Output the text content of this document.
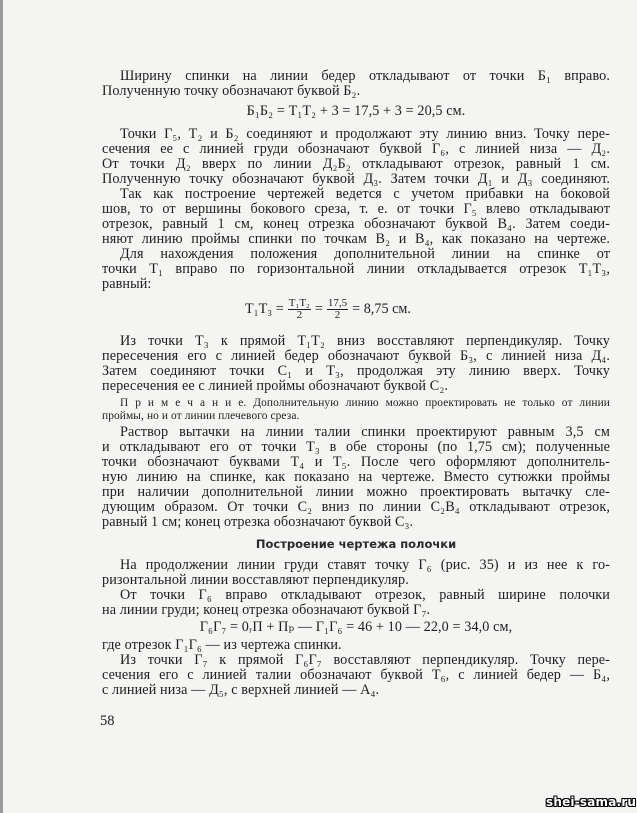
Ширину спинки на линии бедер откладывают от точки Б₁ вправо.
Полученную точку обозначают буквой Б₂.
Б₁Б₂ = Т₁Т₂ + 3 = 17,5 + 3 = 20,5 см.
Точки Г₅, Т₂ и Б₂ соединяют и продолжают эту линию вниз. Точку пере-
сечения ее с линией груди обозначают буквой Г₆, с линией низа — Д₂.
От точки Д₂ вверх по линии Д₂Б₂ откладывают отрезок, равный 1 см.
Полученную точку обозначают буквой Д₃. Затем точки Д₁ и Д₃ соединяют.
Так как построение чертежей ведется с учетом прибавки на боковой
шов, то от вершины бокового среза, т. е. от точки Г₅ влево откладывают
отрезок, равный 1 см, конец отрезка обозначают буквой В₄. Затем соеди-
няют линию проймы спинки по точкам В₂ и В₄, как показано на чертеже.
Для нахождения положения дополнительной линии на спинке от
точки Т₁ вправо по горизонтальной линии откладывается отрезок Т₁Т₃,
равный:
Т₁Т₃ = Т₁Т₂
$2 = \frac{17,5}{2} = 8,75$ см.
Из точки Т₃ к прямой Т₁Т₂ вниз восставляют перпендикуляр. Точку
пересечения его с линией бедер обозначают буквой Б₃, с линией низа Д₄.
Затем соединяют точки С₁ и Т₃, продолжая эту линию вверх. Точку
пересечения ее с линией проймы обозначают буквой С₂.
П р и м е ч а н и е. Дополнительную линию можно проектировать не только от линии
проймы, но и от линии плечевого среза.
Раствор вытачки на линии талии спинки проектируют равным 3,5 см
и откладывают его от точки Т₃ в обе стороны (по 1,75 см); полученные
точки обозначают буквами Т₄ и Т₅. После чего оформляют дополнитель-
ную линию на спинке, как показано на чертеже. Вместо сутюжки проймы
при наличии дополнительной линии можно проектировать вытачку сле-
дующим образом. От точки С₂ вниз по линии С₂В₄ откладывают отрезок,
равный 1 см; конец отрезка обозначают буквой С₃.
Построение чертежа полочки
На продолжении линии груди ставят точку Г₆ (рис. 35) и из нее к го-
ризонтальной линии восставляют перпендикуляр.
От точки Г₆ вправо откладывают отрезок, равный ширине полочки
на линии груди; конец отрезка обозначают буквой Г₇.
Г₆Г₇ = 0ᵣП + Пₚ — Г₁Г₆ = 46 + 10 — 22,0 = 34,0 см,
где отрезок Г₁Г₆ — из чертежа спинки.
Из точки Г₇ к прямой Г₆Г₇ восставляют перпендикуляр. Точку пере-
сечения его с линией талии обозначают буквой Т₆, с линией бедер — Б₄,
с линией низа — Д₅, с верхней линией — А₄.
58
shei-sama.ru
